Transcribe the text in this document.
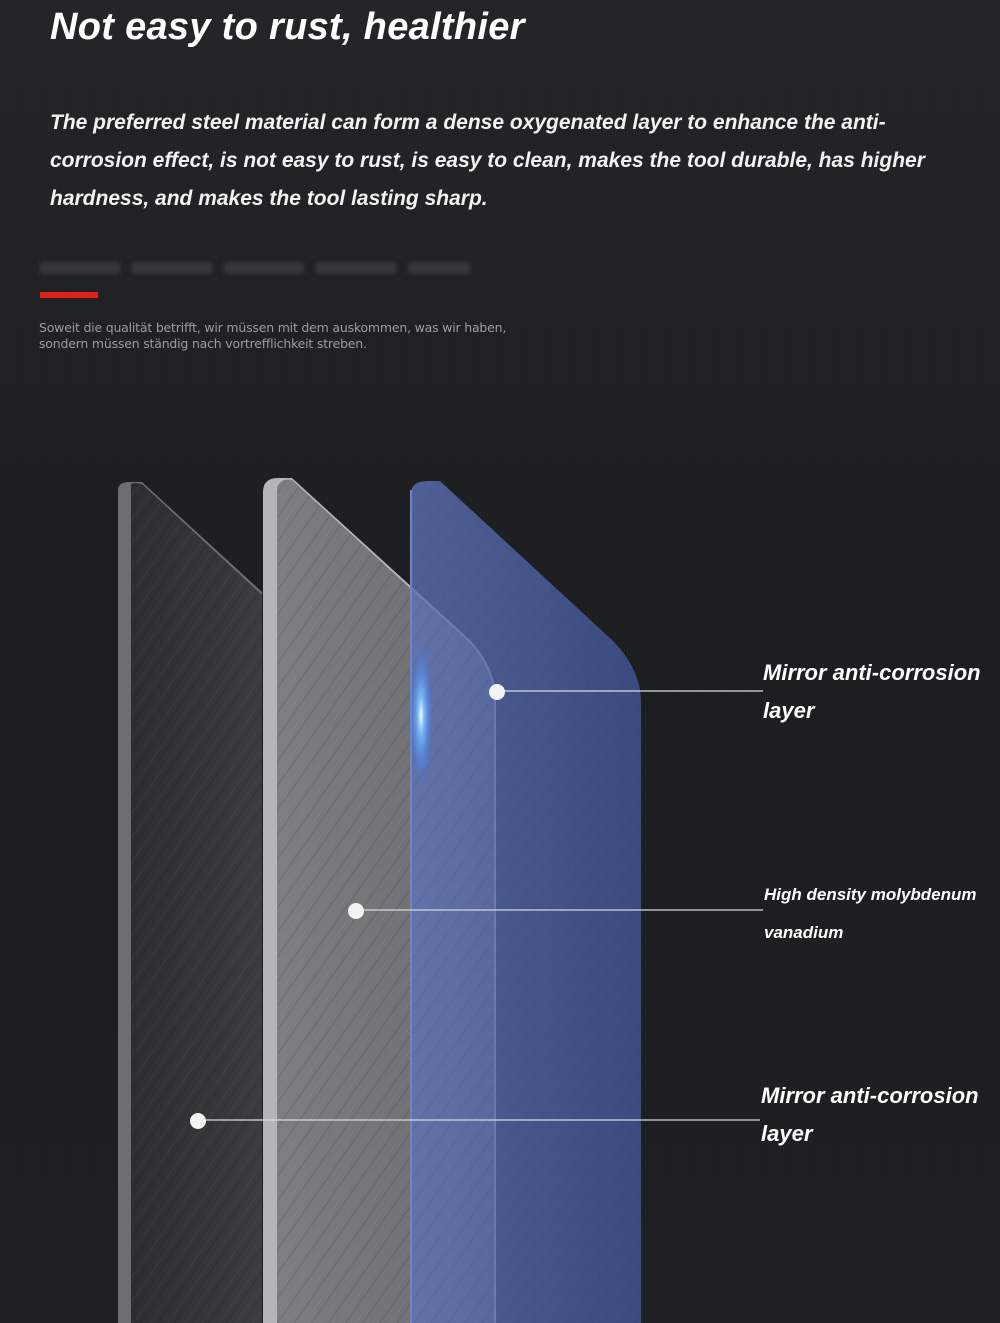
Not easy to rust, healthier

The preferred steel material can form a dense oxygenated layer to enhance the anti-corrosion effect, is not easy to rust, is easy to clean, makes the tool durable, has higher hardness, and makes the tool lasting sharp.

Soweit die qualität betrifft, wir müssen mit dem auskommen, was wir haben,

sondern müssen ständig nach vortrefflichkeit streben.

Mirror anti-corrosion layer

High density molybdenum vanadium

Mirror anti-corrosion layer
